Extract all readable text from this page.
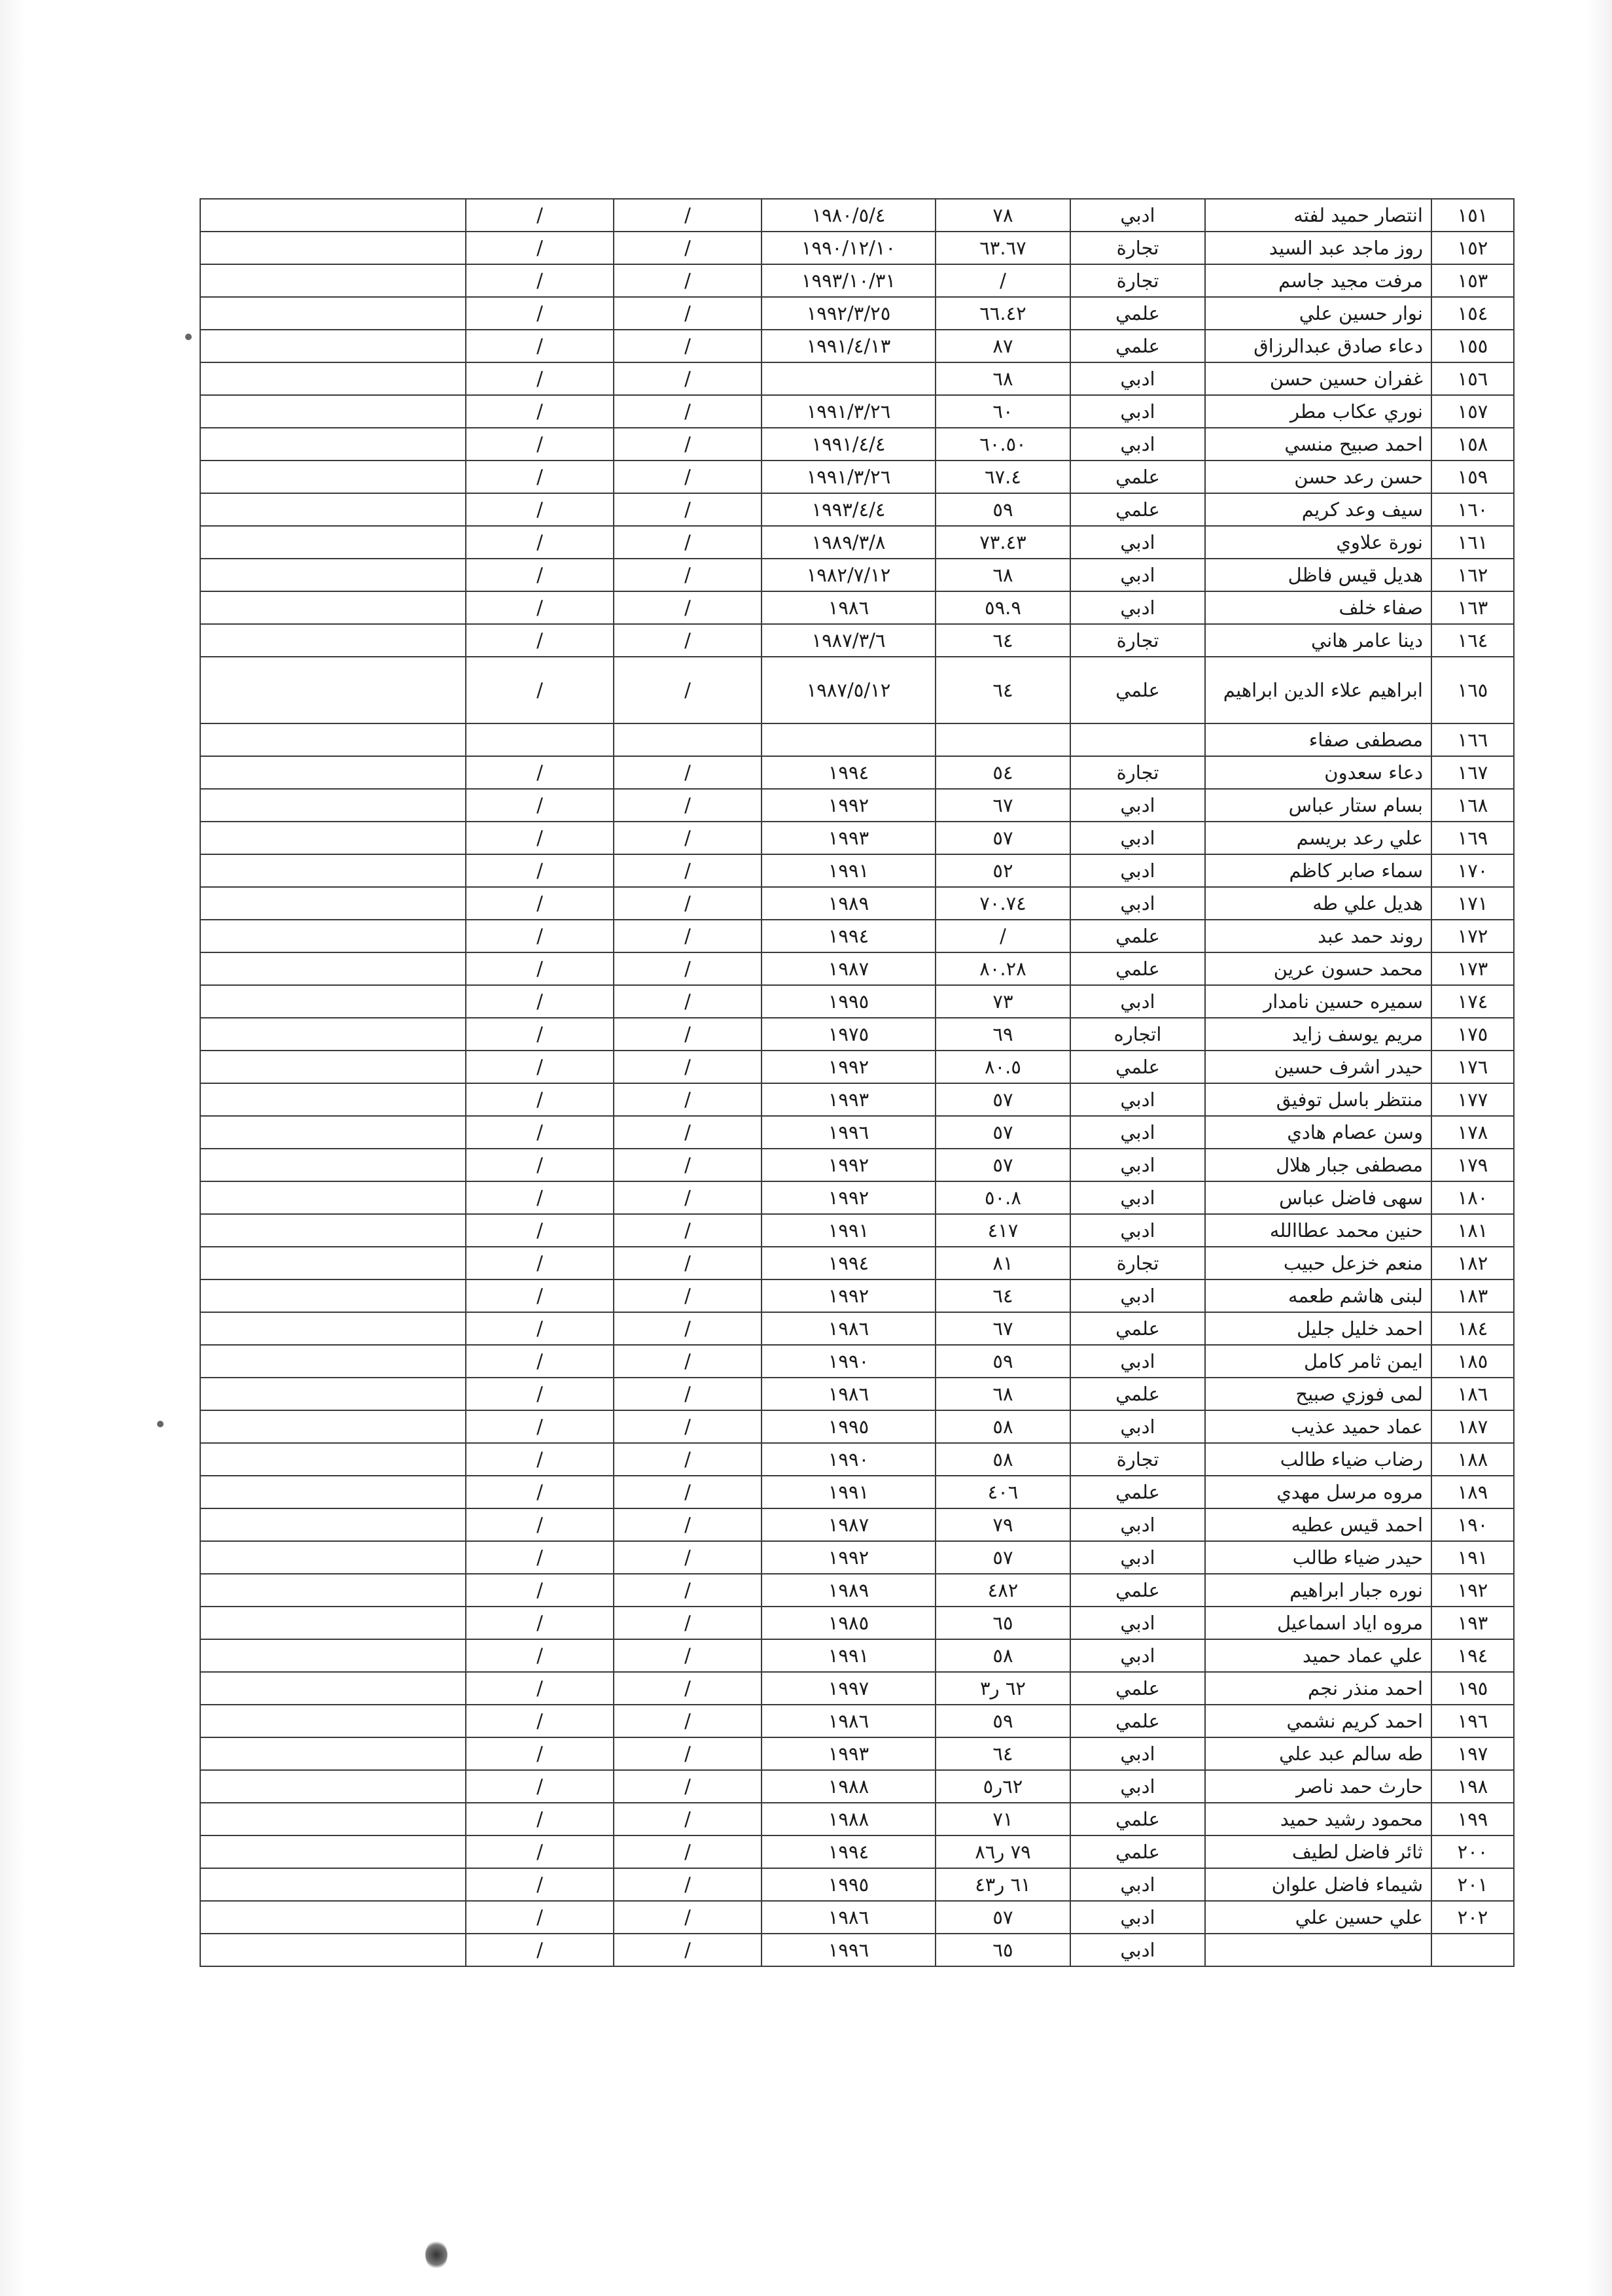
١٥١	انتصار حميد لفته	ادبي	٧٨	١٩٨٠/٥/٤	/	/	
١٥٢	روز ماجد عبد السيد	تجارة	٦٣.٦٧	١٩٩٠/١٢/١٠	/	/	
١٥٣	مرفت مجيد جاسم	تجارة	/	١٩٩٣/١٠/٣١	/	/	
١٥٤	نوار حسين علي	علمي	٦٦.٤٢	١٩٩٢/٣/٢٥	/	/	
١٥٥	دعاء صادق عبدالرزاق	علمي	٨٧	١٩٩١/٤/١٣	/	/	
١٥٦	غفران حسين حسن	ادبي	٦٨		/	/	
١٥٧	نوري عكاب مطر	ادبي	٦٠	١٩٩١/٣/٢٦	/	/	
١٥٨	احمد صبيح منسي	ادبي	٦٠.٥٠	١٩٩١/٤/٤	/	/	
١٥٩	حسن رعد حسن	علمي	٦٧.٤	١٩٩١/٣/٢٦	/	/	
١٦٠	سيف وعد كريم	علمي	٥٩	١٩٩٣/٤/٤	/	/	
١٦١	نورة علاوي	ادبي	٧٣.٤٣	١٩٨٩/٣/٨	/	/	
١٦٢	هديل قيس فاظل	ادبي	٦٨	١٩٨٢/٧/١٢	/	/	
١٦٣	صفاء خلف	ادبي	٥٩.٩	١٩٨٦	/	/	
١٦٤	دينا عامر هاني	تجارة	٦٤	١٩٨٧/٣/٦	/	/	
١٦٥	ابراهيم علاء الدين ابراهيم	علمي	٦٤	١٩٨٧/٥/١٢	/	/	
١٦٦	مصطفى صفاء						
١٦٧	دعاء سعدون	تجارة	٥٤	١٩٩٤	/	/	
١٦٨	بسام ستار عباس	ادبي	٦٧	١٩٩٢	/	/	
١٦٩	علي رعد بريسم	ادبي	٥٧	١٩٩٣	/	/	
١٧٠	سماء صابر كاظم	ادبي	٥٢	١٩٩١	/	/	
١٧١	هديل علي طه	ادبي	٧٠.٧٤	١٩٨٩	/	/	
١٧٢	روند حمد عبد	علمي	/	١٩٩٤	/	/	
١٧٣	محمد حسون عرين	علمي	٨٠.٢٨	١٩٨٧	/	/	
١٧٤	سميره حسين نامدار	ادبي	٧٣	١٩٩٥	/	/	
١٧٥	مريم يوسف زايد	اتجاره	٦٩	١٩٧٥	/	/	
١٧٦	حيدر اشرف حسين	علمي	٨٠.٥	١٩٩٢	/	/	
١٧٧	منتظر باسل توفيق	ادبي	٥٧	١٩٩٣	/	/	
١٧٨	وسن عصام هادي	ادبي	٥٧	١٩٩٦	/	/	
١٧٩	مصطفى جبار هلال	ادبي	٥٧	١٩٩٢	/	/	
١٨٠	سهى فاضل عباس	ادبي	٥٠.٨	١٩٩٢	/	/	
١٨١	حنين محمد عطاالله	ادبي	٤١٧	١٩٩١	/	/	
١٨٢	منعم خزعل حبيب	تجارة	٨١	١٩٩٤	/	/	
١٨٣	لبنى هاشم طعمه	ادبي	٦٤	١٩٩٢	/	/	
١٨٤	احمد خليل جليل	علمي	٦٧	١٩٨٦	/	/	
١٨٥	ايمن ثامر كامل	ادبي	٥٩	١٩٩٠	/	/	
١٨٦	لمى فوزي صبيح	علمي	٦٨	١٩٨٦	/	/	
١٨٧	عماد حميد عذيب	ادبي	٥٨	١٩٩٥	/	/	
١٨٨	رضاب ضياء طالب	تجارة	٥٨	١٩٩٠	/	/	
١٨٩	مروه مرسل مهدي	علمي	٤٠٦	١٩٩١	/	/	
١٩٠	احمد قيس عطيه	ادبي	٧٩	١٩٨٧	/	/	
١٩١	حيدر ضياء طالب	ادبي	٥٧	١٩٩٢	/	/	
١٩٢	نوره جبار ابراهيم	علمي	٤٨٢	١٩٨٩	/	/	
١٩٣	مروه اياد اسماعيل	ادبي	٦٥	١٩٨٥	/	/	
١٩٤	علي عماد حميد	ادبي	٥٨	١٩٩١	/	/	
١٩٥	احمد منذر نجم	علمي	٦٢ ر٣	١٩٩٧	/	/	
١٩٦	احمد كريم نشمي	علمي	٥٩	١٩٨٦	/	/	
١٩٧	طه سالم عبد علي	ادبي	٦٤	١٩٩٣	/	/	
١٩٨	حارث حمد ناصر	ادبي	٦٢ر٥	١٩٨٨	/	/	
١٩٩	محمود رشيد حميد	علمي	٧١	١٩٨٨	/	/	
٢٠٠	ثائر فاضل لطيف	علمي	٧٩ ر٨٦	١٩٩٤	/	/	
٢٠١	شيماء فاضل علوان	ادبي	٦١ ر٤٣	١٩٩٥	/	/	
٢٠٢	علي حسين علي	ادبي	٥٧	١٩٨٦	/	/	
		ادبي	٦٥	١٩٩٦	/	/	
